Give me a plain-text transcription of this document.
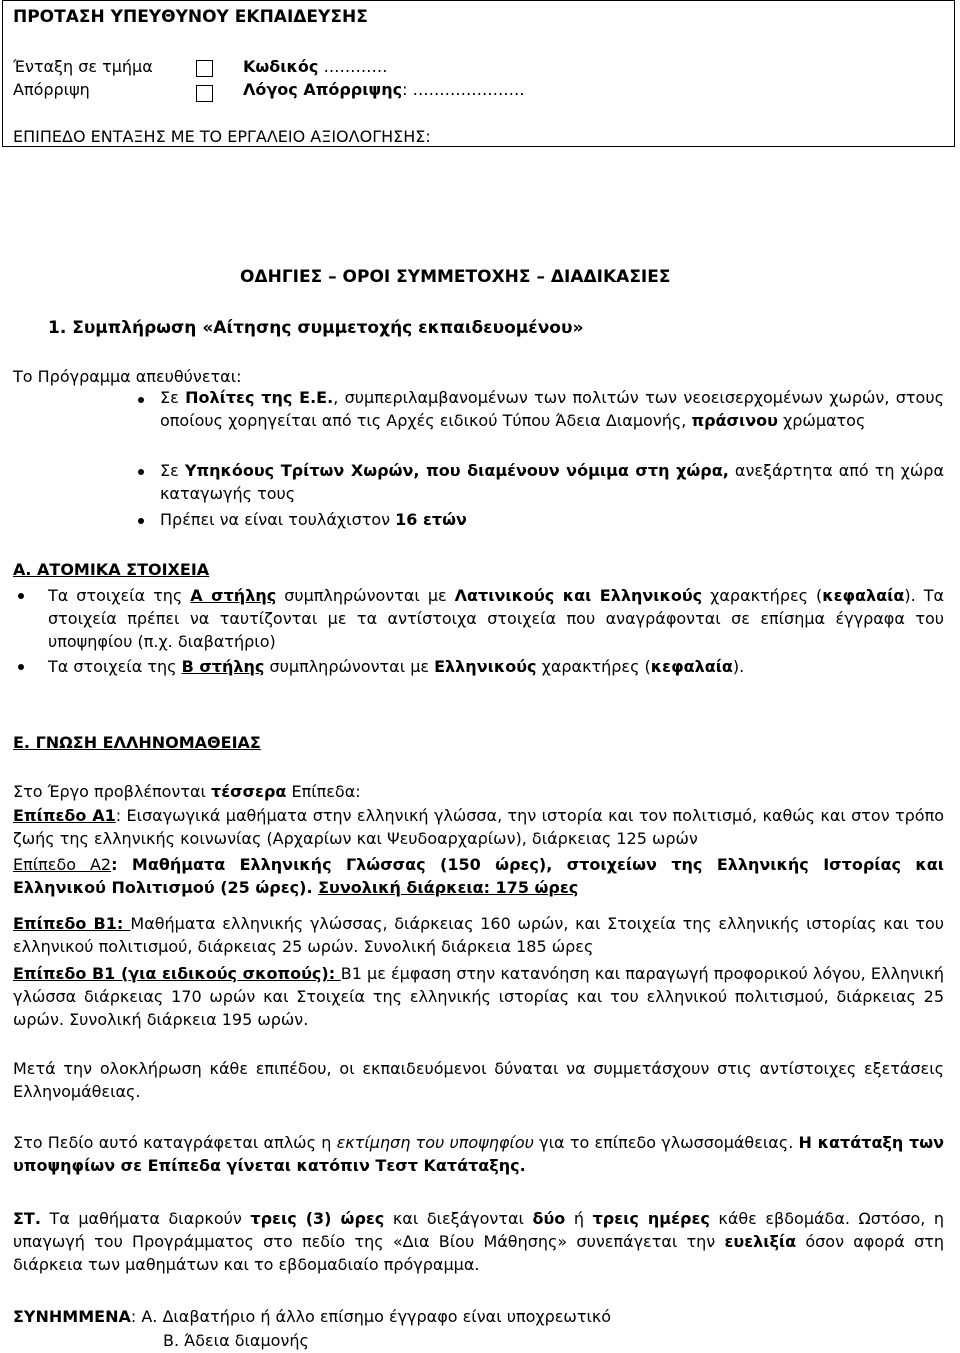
ΠΡΟΤΑΣΗ ΥΠΕΥΘΥΝΟΥ ΕΚΠΑΙΔΕΥΣΗΣ
Ένταξη σε τμήμα	Κωδικός …………
Απόρριψη	Λόγος Απόρριψης: …………………
ΕΠΙΠΕΔΟ ΕΝΤΑΞΗΣ ΜΕ ΤΟ ΕΡΓΑΛΕΙΟ ΑΞΙΟΛΟΓΗΣΗΣ:
ΟΔΗΓΙΕΣ – ΟΡΟΙ ΣΥΜΜΕΤΟΧΗΣ – ΔΙΑΔΙΚΑΣΙΕΣ
1. Συμπλήρωση «Αίτησης συμμετοχής εκπαιδευομένου»
Το Πρόγραμμα απευθύνεται:

Σε Πολίτες της Ε.Ε., συμπεριλαμβανομένων των πολιτών των νεοεισερχομένων χωρών, στους οποίους χορηγείται από τις Αρχές ειδικού Τύπου Άδεια Διαμονής, πράσινου χρώματος

Σε Υπηκόους Τρίτων Χωρών, που διαμένουν νόμιμα στη χώρα, ανεξάρτητα από τη χώρα καταγωγής τους

Πρέπει να είναι τουλάχιστον 16 ετών

Α. ΑΤΟΜΙΚΑ ΣΤΟΙΧΕΙΑ

Τα στοιχεία της Α στήλης συμπληρώνονται με Λατινικούς και Ελληνικούς χαρακτήρες (κεφαλαία). Τα στοιχεία πρέπει να ταυτίζονται με τα αντίστοιχα στοιχεία που αναγράφονται σε επίσημα έγγραφα του υποψηφίου (π.χ. διαβατήριο)

Τα στοιχεία της Β στήλης συμπληρώνονται με Ελληνικούς χαρακτήρες (κεφαλαία).

Ε. ΓΝΩΣΗ ΕΛΛΗΝΟΜΑΘΕΙΑΣ

Στο Έργο προβλέπονται τέσσερα Επίπεδα:

Επίπεδο Α1: Εισαγωγικά μαθήματα στην ελληνική γλώσσα, την ιστορία και τον πολιτισμό, καθώς και στον τρόπο ζωής της ελληνικής κοινωνίας (Αρχαρίων και Ψευδοαρχαρίων), διάρκειας 125 ωρών

Επίπεδο Α2: Μαθήματα Ελληνικής Γλώσσας (150 ώρες), στοιχείων της Ελληνικής Ιστορίας και Ελληνικού Πολιτισμού (25 ώρες). Συνολική διάρκεια: 175 ώρες

Επίπεδο Β1: Μαθήματα ελληνικής γλώσσας, διάρκειας 160 ωρών, και Στοιχεία της ελληνικής ιστορίας και του ελληνικού πολιτισμού, διάρκειας 25 ωρών. Συνολική διάρκεια 185 ώρες

Επίπεδο Β1 (για ειδικούς σκοπούς): Β1 με έμφαση στην κατανόηση και παραγωγή προφορικού λόγου, Ελληνική γλώσσα διάρκειας 170 ωρών και Στοιχεία της ελληνικής ιστορίας και του ελληνικού πολιτισμού, διάρκειας 25 ωρών. Συνολική διάρκεια 195 ωρών.

Μετά την ολοκλήρωση κάθε επιπέδου, οι εκπαιδευόμενοι δύναται να συμμετάσχουν στις αντίστοιχες εξετάσεις Ελληνομάθειας.

Στο Πεδίο αυτό καταγράφεται απλώς η εκτίμηση του υποψηφίου για το επίπεδο γλωσσομάθειας. Η κατάταξη των υποψηφίων σε Επίπεδα γίνεται κατόπιν Τεστ Κατάταξης.

ΣΤ. Τα μαθήματα διαρκούν τρεις (3) ώρες και διεξάγονται δύο ή τρεις ημέρες κάθε εβδομάδα. Ωστόσο, η υπαγωγή του Προγράμματος στο πεδίο της «Δια Βίου Μάθησης» συνεπάγεται την ευελιξία όσον αφορά στη διάρκεια των μαθημάτων και το εβδομαδιαίο πρόγραμμα.

ΣΥΝΗΜΜΕΝΑ: Α. Διαβατήριο ή άλλο επίσημο έγγραφο είναι υποχρεωτικό

Β. Άδεια διαμονής
